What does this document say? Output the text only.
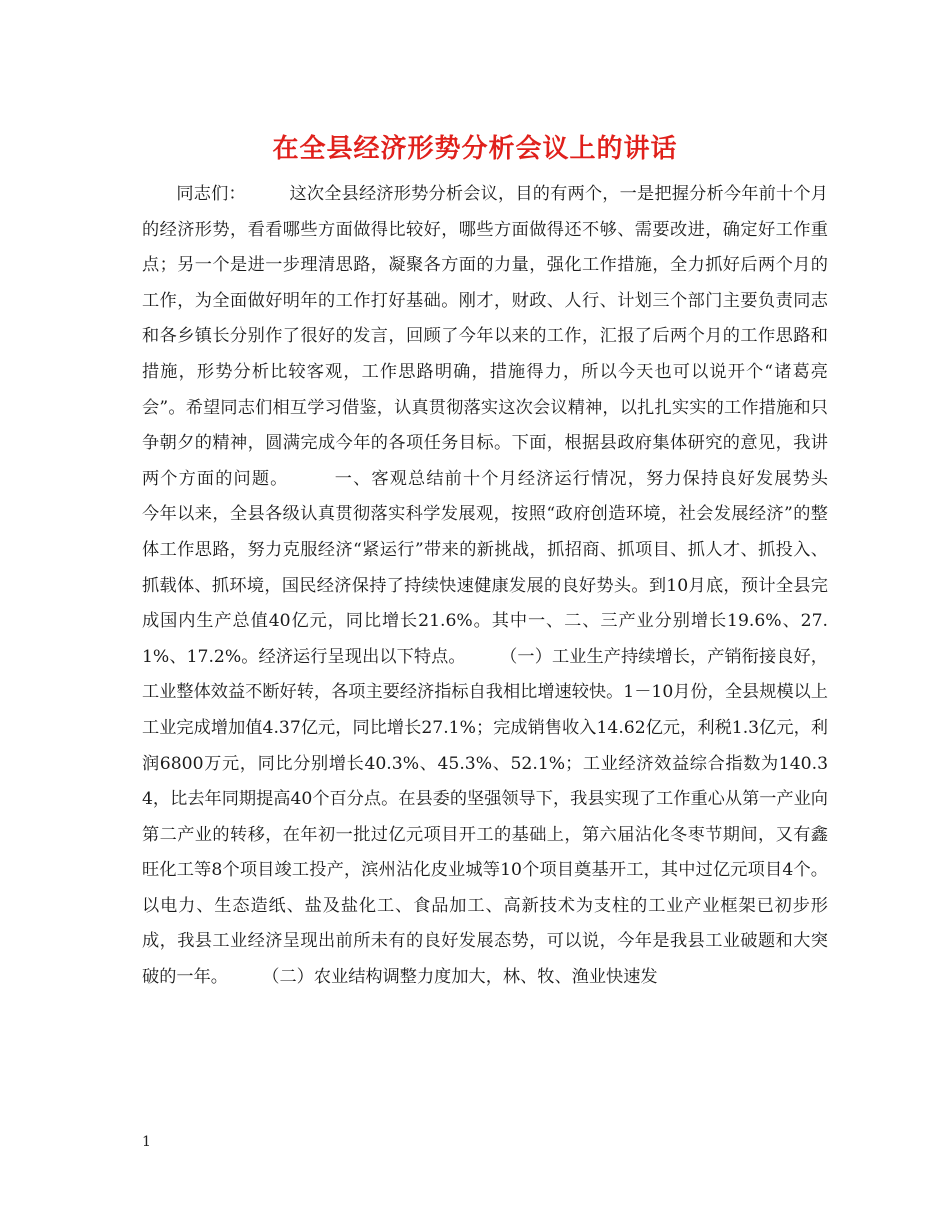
在全县经济形势分析会议上的讲话

同志们：　　　这次全县经济形势分析会议，目的有两个，一是把握分析今年前十个月的经济形势，看看哪些方面做得比较好，哪些方面做得还不够、需要改进，确定好工作重点；另一个是进一步理清思路，凝聚各方面的力量，强化工作措施，全力抓好后两个月的工作，为全面做好明年的工作打好基础。刚才，财政、人行、计划三个部门主要负责同志和各乡镇长分别作了很好的发言，回顾了今年以来的工作，汇报了后两个月的工作思路和措施，形势分析比较客观，工作思路明确，措施得力，所以今天也可以说开个“诸葛亮会”。希望同志们相互学习借鉴，认真贯彻落实这次会议精神，以扎扎实实的工作措施和只争朝夕的精神，圆满完成今年的各项任务目标。下面，根据县政府集体研究的意见，我讲两个方面的问题。　　　一、客观总结前十个月经济运行情况，努力保持良好发展势头　　　今年以来，全县各级认真贯彻落实科学发展观，按照“政府创造环境，社会发展经济”的整体工作思路，努力克服经济“紧运行”带来的新挑战，抓招商、抓项目、抓人才、抓投入、抓载体、抓环境，国民经济保持了持续快速健康发展的良好势头。到10月底，预计全县完成国内生产总值40亿元，同比增长21.6%。其中一、二、三产业分别增长19.6%、27.1%、17.2%。经济运行呈现出以下特点。　　　（一）工业生产持续增长，产销衔接良好，工业整体效益不断好转，各项主要经济指标自我相比增速较快。1－10月份，全县规模以上工业完成增加值4.37亿元，同比增长27.1%；完成销售收入14.62亿元，利税1.3亿元，利润6800万元，同比分别增长40.3%、45.3%、52.1%；工业经济效益综合指数为140.34，比去年同期提高40个百分点。在县委的坚强领导下，我县实现了工作重心从第一产业向第二产业的转移，在年初一批过亿元项目开工的基础上，第六届沾化冬枣节期间，又有鑫旺化工等8个项目竣工投产，滨州沾化皮业城等10个项目奠基开工，其中过亿元项目4个。以电力、生态造纸、盐及盐化工、食品加工、高新技术为支柱的工业产业框架已初步形成，我县工业经济呈现出前所未有的良好发展态势，可以说，今年是我县工业破题和大突破的一年。　　　（二）农业结构调整力度加大，林、牧、渔业快速发

1
